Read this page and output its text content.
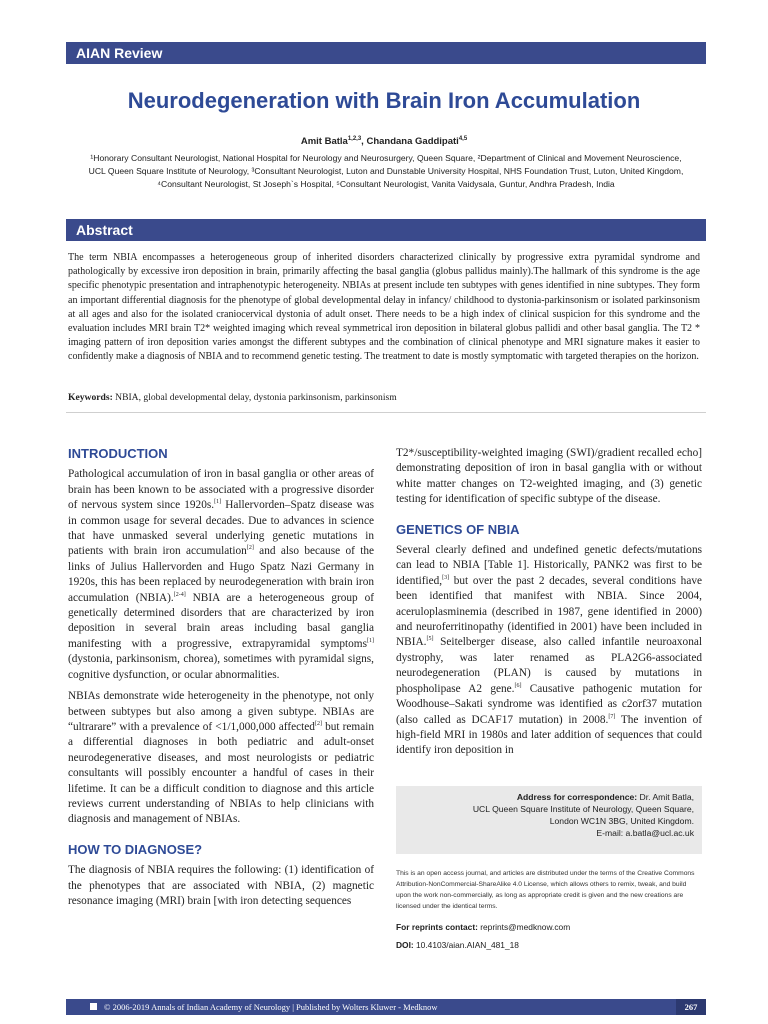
AIAN Review
Neurodegeneration with Brain Iron Accumulation
Amit Batla$^{1,2,3}$, Chandana Gaddipati$^{4,5}$
¹Honorary Consultant Neurologist, National Hospital for Neurology and Neurosurgery, Queen Square, ²Department of Clinical and Movement Neuroscience,
UCL Queen Square Institute of Neurology, ³Consultant Neurologist, Luton and Dunstable University Hospital, NHS Foundation Trust, Luton, United Kingdom,
⁴Consultant Neurologist, St Joseph`s Hospital, ⁵Consultant Neurologist, Vanita Vaidysala, Guntur, Andhra Pradesh, India
Abstract

The term NBIA encompasses a heterogeneous group of inherited disorders characterized clinically by progressive extra pyramidal syndrome and pathologically by excessive iron deposition in brain, primarily affecting the basal ganglia (globus pallidus mainly).The hallmark of this syndrome is the age specific phenotypic presentation and intraphenotypic heterogeneity. NBIAs at present include ten subtypes with genes identified in nine subtypes. They form an important differential diagnosis for the phenotype of global developmental delay in infancy/ childhood to dystonia-parkinsonism or isolated parkinsonism at all ages and also for the isolated craniocervical dystonia of adult onset. There needs to be a high index of clinical suspicion for this syndrome and the evaluation includes MRI brain T2* weighted imaging which reveal symmetrical iron deposition in bilateral globus pallidi and other basal ganglia. The T2 * imaging pattern of iron deposition varies amongst the different subtypes and the combination of clinical phenotype and MRI signature makes it easier to confidently make a diagnosis of NBIA and to recommend genetic testing. The treatment to date is mostly symptomatic with targeted therapies on the horizon.

Keywords: NBIA, global developmental delay, dystonia parkinsonism, parkinsonism

INTRODUCTION

Pathological accumulation of iron in basal ganglia or other areas of brain has been known to be associated with a progressive disorder of nervous system since 1920s.[1] Hallervorden–Spatz disease was in common usage for several decades. Due to advances in science that have unmasked several underlying genetic mutations in patients with brain iron accumulation[2] and also because of the links of Julius Hallervorden and Hugo Spatz Nazi Germany in 1920s, this has been replaced by neurodegeneration with brain iron accumulation (NBIA).[2-4] NBIA are a heterogeneous group of genetically determined disorders that are characterized by iron deposition in several brain areas including basal ganglia manifesting with a progressive, extrapyramidal symptoms[1] (dystonia, parkinsonism, chorea), sometimes with pyramidal signs, cognitive dysfunction, or ocular abnormalities.

NBIAs demonstrate wide heterogeneity in the phenotype, not only between subtypes but also among a given subtype. NBIAs are “ultrarare” with a prevalence of <1/1,000,000 affected[2] but remain a differential diagnoses in both pediatric and adult-onset neurodegenerative diseases, and most neurologists or pediatric consultants will possibly encounter a handful of cases in their lifetime. It can be a difficult condition to diagnose and this article reviews current understanding of NBIAs to help clinicians with diagnosis and management of NBIAs.

HOW TO DIAGNOSE?

The diagnosis of NBIA requires the following: (1) identification of the phenotypes that are associated with NBIA, (2) magnetic resonance imaging (MRI) brain [with iron detecting sequences

T2*/susceptibility-weighted imaging (SWI)/gradient recalled echo] demonstrating deposition of iron in basal ganglia with or without white matter changes on T2-weighted imaging, and (3) genetic testing for identification of specific subtype of the disease.

GENETICS OF NBIA

Several clearly defined and undefined genetic defects/mutations can lead to NBIA [Table 1]. Historically, PANK2 was first to be identified,[3] but over the past 2 decades, several conditions have been identified that manifest with NBIA. Since 2004, aceruloplasminemia (described in 1987, gene identified in 2000) and neuroferritinopathy (identified in 2001) have been included in NBIA.[5] Seitelberger disease, also called infantile neuroaxonal dystrophy, was later renamed as PLA2G6-associated neurodegeneration (PLAN) is caused by mutations in phospholipase A2 gene.[6] Causative pathogenic mutation for Woodhouse–Sakati syndrome was identified as c2orf37 mutation (also called as DCAF17 mutation) in 2008.[7] The invention of high-field MRI in 1980s and later addition of sequences that could identify iron deposition in

Address for correspondence: Dr. Amit Batla,
UCL Queen Square Institute of Neurology, Queen Square,
London WC1N 3BG, United Kingdom.
E-mail: a.batla@ucl.ac.uk
This is an open access journal, and articles are distributed under the terms of the Creative Commons Attribution-NonCommercial-ShareAlike 4.0 License, which allows others to remix, tweak, and build upon the work non-commercially, as long as appropriate credit is given and the new creations are licensed under the identical terms.
For reprints contact: reprints@medknow.com
DOI: 10.4103/aian.AIAN_481_18
© 2006-2019 Annals of Indian Academy of Neurology | Published by Wolters Kluwer - Medknow	267
